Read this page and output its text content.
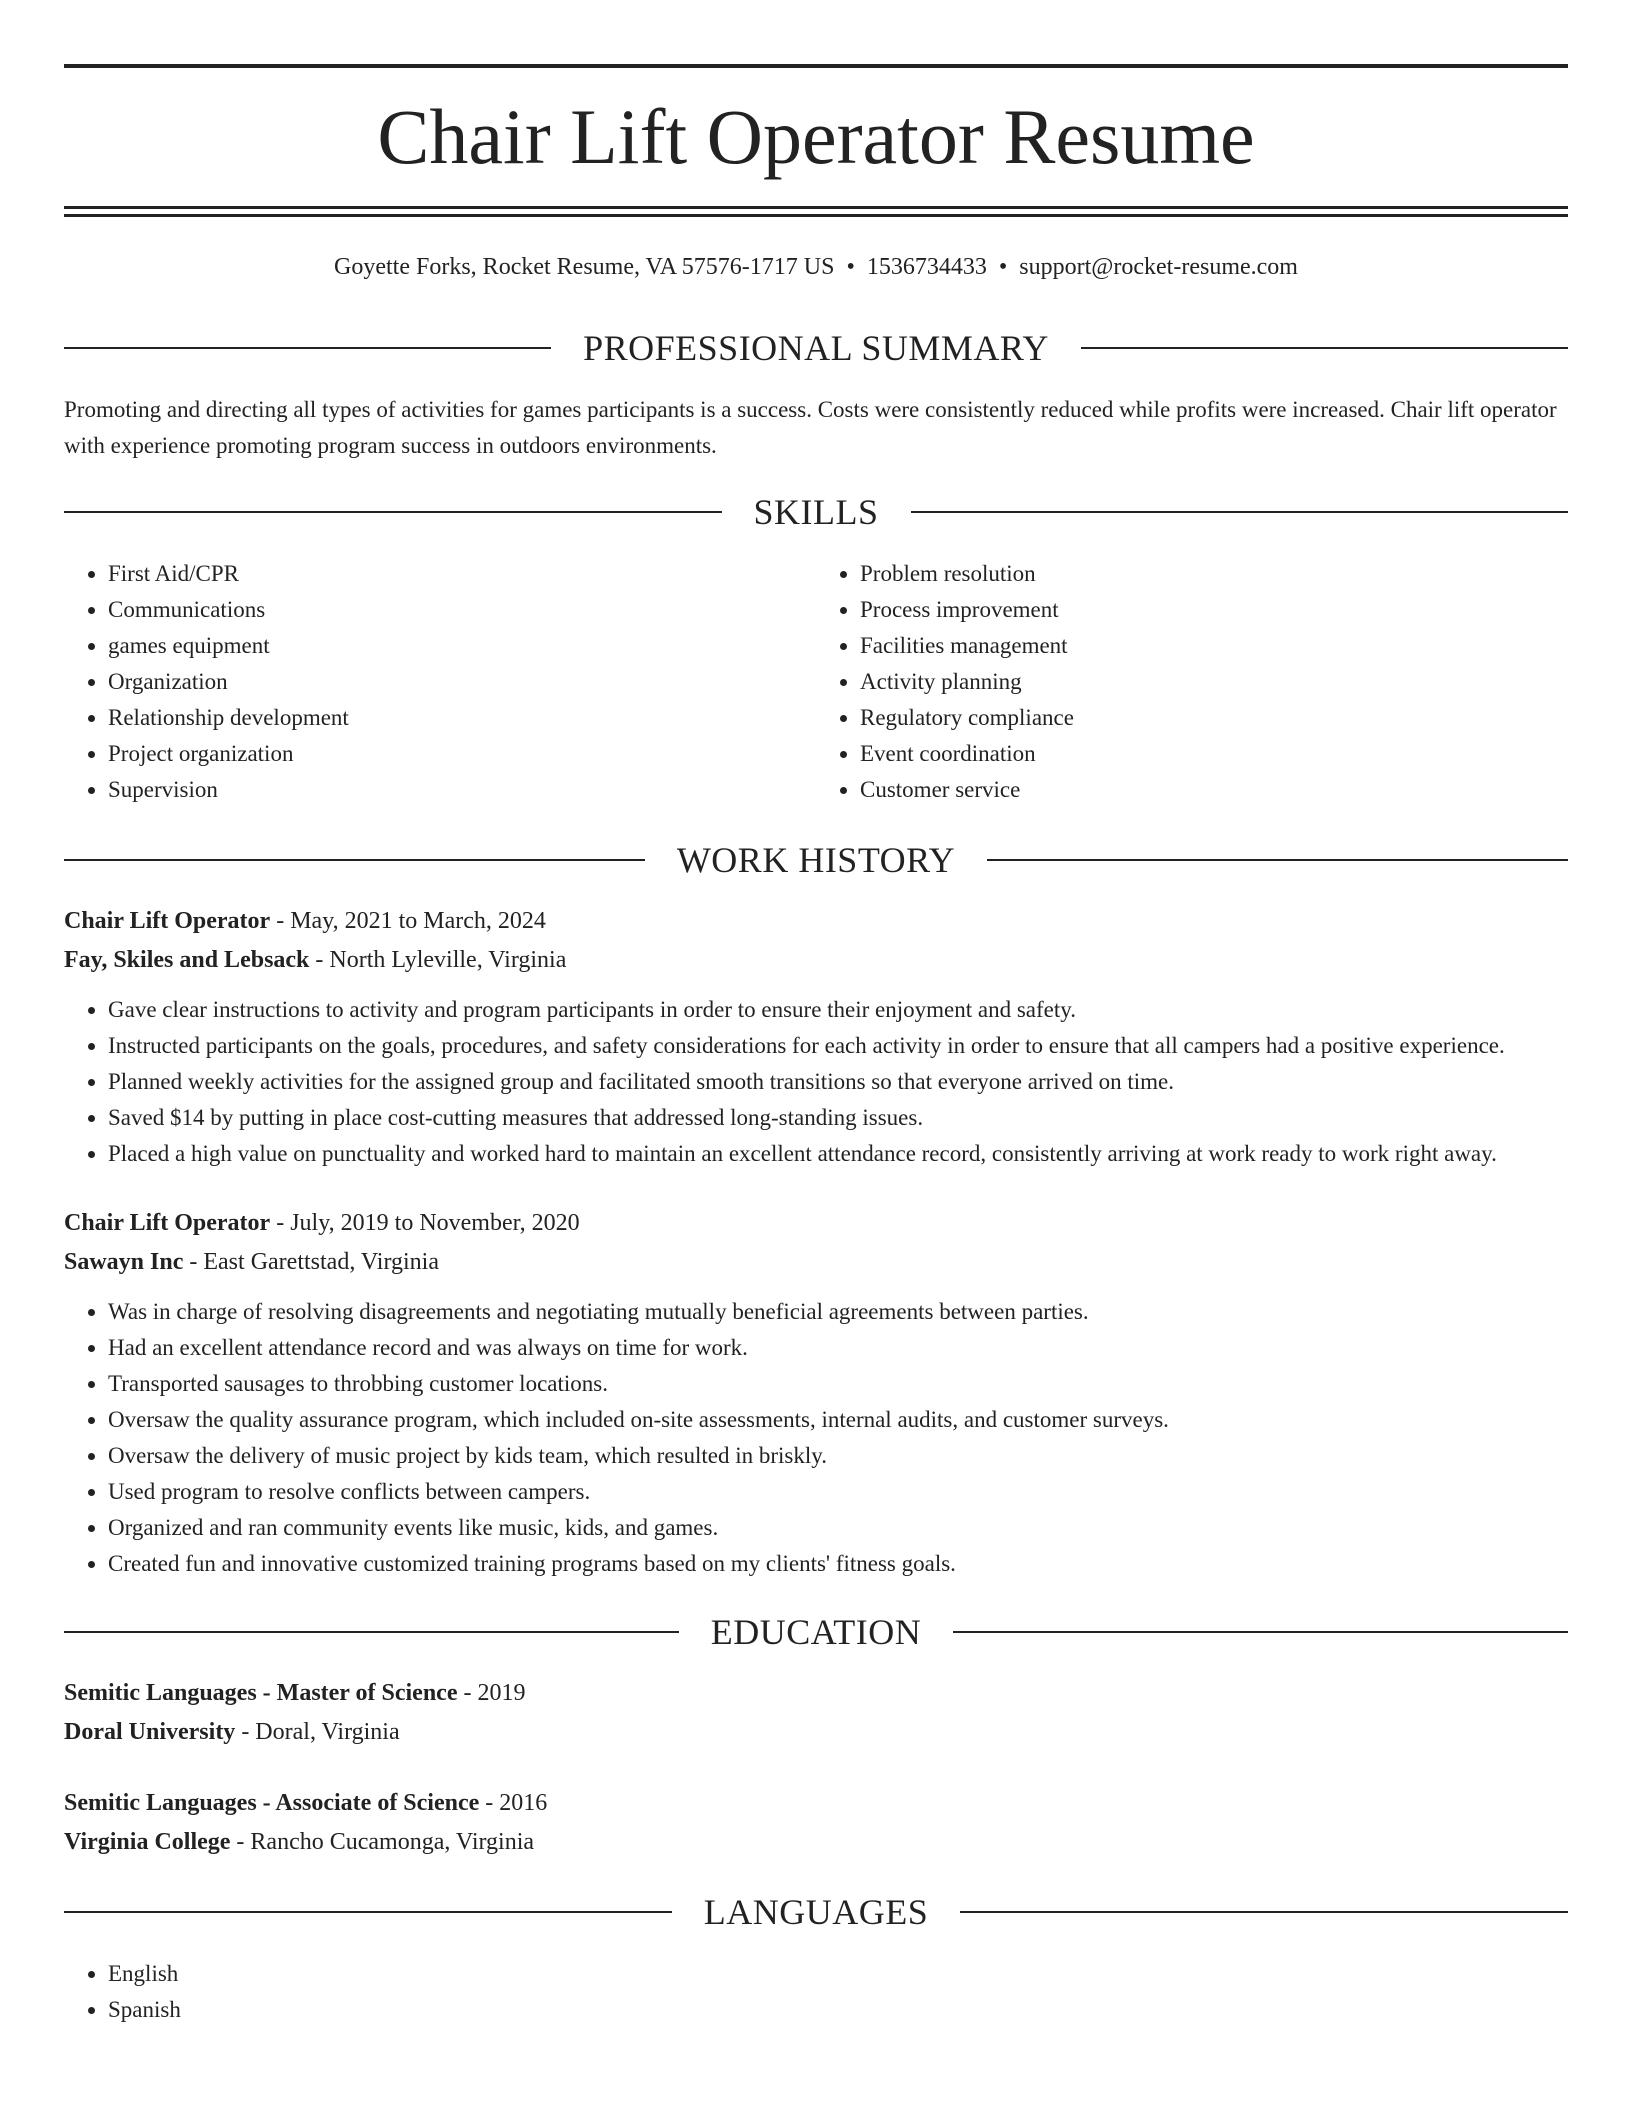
Chair Lift Operator Resume
Goyette Forks, Rocket Resume, VA 57576-1717 US • 1536734433 • support@rocket-resume.com
PROFESSIONAL SUMMARY

Promoting and directing all types of activities for games participants is a success. Costs were consistently reduced while profits were increased. Chair lift operator with experience promoting program success in outdoors environments.

SKILLS
• First Aid/CPR
• Communications
• games equipment
• Organization
• Relationship development
• Project organization
• Supervision
• Problem resolution
• Process improvement
• Facilities management
• Activity planning
• Regulatory compliance
• Event coordination
• Customer service
WORK HISTORY
Chair Lift Operator - May, 2021 to March, 2024
Fay, Skiles and Lebsack - North Lyleville, Virginia
• Gave clear instructions to activity and program participants in order to ensure their enjoyment and safety.
• Instructed participants on the goals, procedures, and safety considerations for each activity in order to ensure that all campers had a positive experience.
• Planned weekly activities for the assigned group and facilitated smooth transitions so that everyone arrived on time.
• Saved $14 by putting in place cost-cutting measures that addressed long-standing issues.
• Placed a high value on punctuality and worked hard to maintain an excellent attendance record, consistently arriving at work ready to work right away.
Chair Lift Operator - July, 2019 to November, 2020
Sawayn Inc - East Garettstad, Virginia
• Was in charge of resolving disagreements and negotiating mutually beneficial agreements between parties.
• Had an excellent attendance record and was always on time for work.
• Transported sausages to throbbing customer locations.
• Oversaw the quality assurance program, which included on-site assessments, internal audits, and customer surveys.
• Oversaw the delivery of music project by kids team, which resulted in briskly.
• Used program to resolve conflicts between campers.
• Organized and ran community events like music, kids, and games.
• Created fun and innovative customized training programs based on my clients' fitness goals.
EDUCATION
Semitic Languages - Master of Science - 2019
Doral University - Doral, Virginia
Semitic Languages - Associate of Science - 2016
Virginia College - Rancho Cucamonga, Virginia
LANGUAGES
• English
• Spanish
